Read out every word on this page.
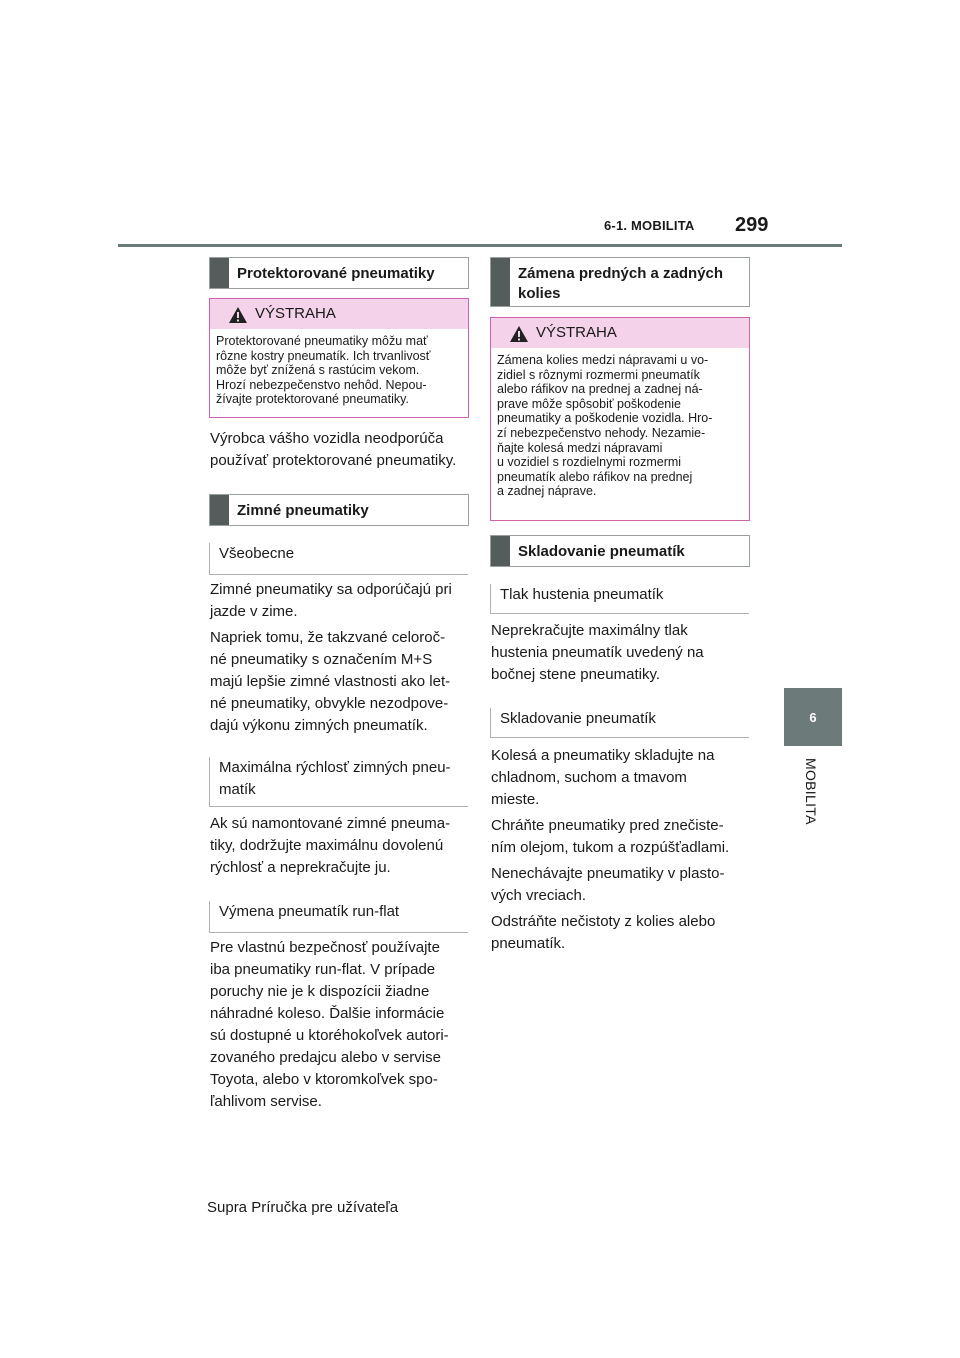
6-1. MOBILITA 299
6
MOBILITA
Protektorované pneumatiky
VÝSTRAHA
Protektorované pneumatiky môžu mať
rôzne kostry pneumatík. Ich trvanlivosť
môže byť znížená s rastúcim vekom.
Hrozí nebezpečenstvo nehôd. Nepou-
žívajte protektorované pneumatiky.
Výrobca vášho vozidla neodporúča
používať protektorované pneumatiky.
Zimné pneumatiky
Všeobecne
Zimné pneumatiky sa odporúčajú pri
jazde v zime.
Napriek tomu, že takzvané celoroč-
né pneumatiky s označením M+S
majú lepšie zimné vlastnosti ako let-
né pneumatiky, obvykle nezodpove-
dajú výkonu zimných pneumatík.
Maximálna rýchlosť zimných pneu-
matík
Ak sú namontované zimné pneuma-
tiky, dodržujte maximálnu dovolenú
rýchlosť a neprekračujte ju.
Výmena pneumatík run-flat
Pre vlastnú bezpečnosť používajte
iba pneumatiky run-flat. V prípade
poruchy nie je k dispozícii žiadne
náhradné koleso. Ďalšie informácie
sú dostupné u ktoréhokoľvek autori-
zovaného predajcu alebo v servise
Toyota, alebo v ktoromkoľvek spo-
ľahlivom servise.
Zámena predných a zadných
kolies
VÝSTRAHA
Zámena kolies medzi nápravami u vo-
zidiel s rôznymi rozmermi pneumatík
alebo ráfikov na prednej a zadnej ná-
prave môže spôsobiť poškodenie
pneumatiky a poškodenie vozidla. Hro-
zí nebezpečenstvo nehody. Nezamie-
ňajte kolesá medzi nápravami
u vozidiel s rozdielnymi rozmermi
pneumatík alebo ráfikov na prednej
a zadnej náprave.
Skladovanie pneumatík
Tlak hustenia pneumatík
Neprekračujte maximálny tlak
hustenia pneumatík uvedený na
bočnej stene pneumatiky.
Skladovanie pneumatík
Kolesá a pneumatiky skladujte na
chladnom, suchom a tmavom
mieste.
Chráňte pneumatiky pred znečiste-
ním olejom, tukom a rozpúšťadlami.
Nenechávajte pneumatiky v plasto-
vých vreciach.
Odstráňte nečistoty z kolies alebo
pneumatík.
Supra Príručka pre užívateľa
